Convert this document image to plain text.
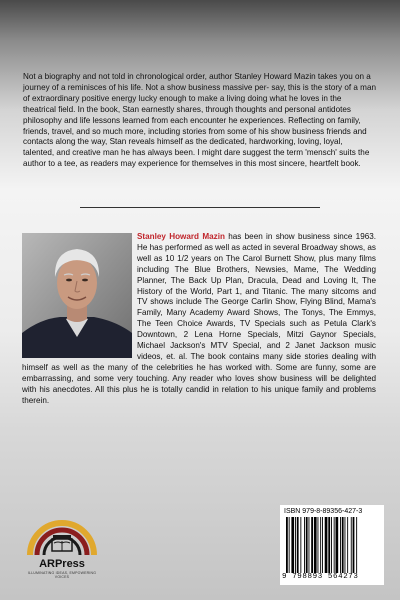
Not a biography and not told in chronological order, author Stanley Howard Mazin takes you on a journey of a reminisces of his life. Not a show business massive per- say, this is the story of a man of extraordinary positive energy lucky enough to make a living doing what he loves in the theatrical field. In the book, Stan earnestly shares, through thoughts and personal antidotes philosophy and life lessons learned from each encounter he experiences. Reflecting on family, friends, travel, and so much more, including stories from some of his show business friends and contacts along the way, Stan reveals himself as the dedicated, hardworking, loving, loyal, talented, and creative man he has always been. I might dare suggest the term 'mensch' suits the author to a tee, as readers may experience for themselves in this most sincere, heartfelt book.

Stanley Howard Mazin has been in show business since 1963. He has performed as well as acted in several Broadway shows, as well as 10 1/2 years on The Carol Burnett Show, plus many films including The Blue Brothers, Newsies, Mame, The Wedding Planner, The Back Up Plan, Dracula, Dead and Loving It, The History of the World, Part 1, and Titanic. The many sitcoms and TV shows include The George Carlin Show, Flying Blind, Mama's Family, Many Academy Award Shows, The Tonys, The Emmys, The Teen Choice Awards, TV Specials such as Petula Clark's Downtown, 2 Lena Horne Specials, Mitzi Gaynor Specials, Michael Jackson's MTV Special, and 2 Janet Jackson music videos, et. al. The book contains many side stories dealing with himself as well as the many of the celebrities he has worked with. Some are funny, some are embarrassing, and some very touching. Any reader who loves show business will be delighted with his anecdotes. All this plus he is totally candid in relation to his unique family and problems therein.

ARPress
ILLUMINATING IDEAS, EMPOWERING VOICES
ISBN 979-8-89356-427-3
9 798893 564273
